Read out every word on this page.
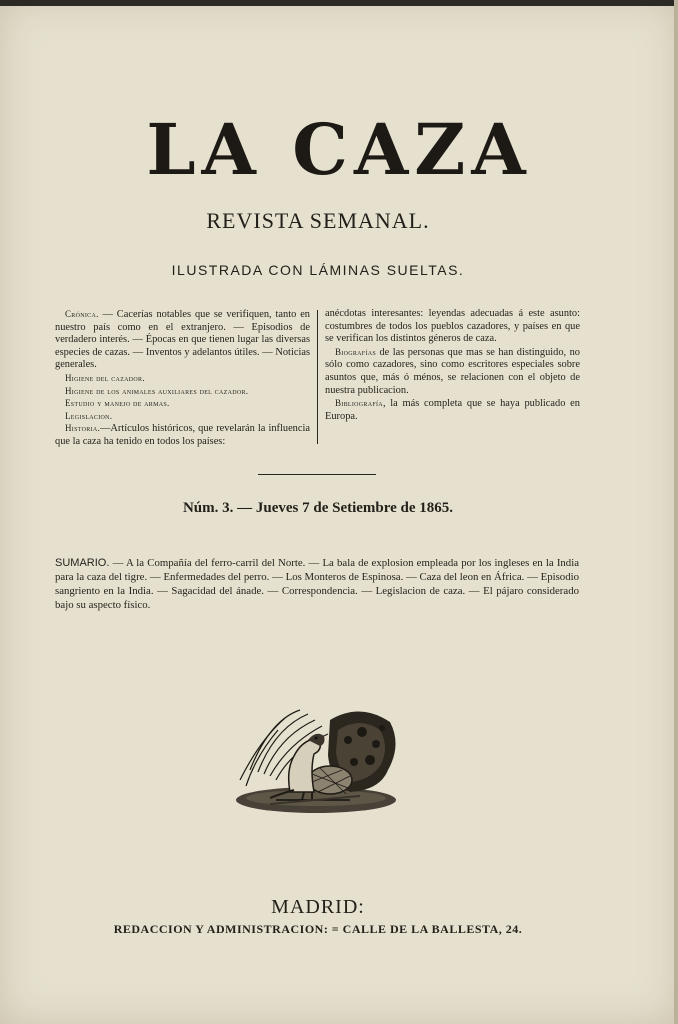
LA CAZA
REVISTA SEMANAL.
ILUSTRADA CON LÁMINAS SUELTAS.

Crónica. — Cacerías notables que se verifiquen, tanto en nuestro país como en el extranjero. — Episodios de verdadero interés. — Épocas en que tienen lugar las diversas especies de cazas. — Inventos y adelantos útiles. — Noticias generales.

Higiene del cazador.

Higiene de los animales auxiliares del cazador.

Estudio y manejo de armas.

Legislacion.

Historia.—Artículos históricos, que revelarán la influencia que la caza ha tenido en todos los países:

anécdotas interesantes: leyendas adecuadas á este asunto: costumbres de todos los pueblos cazadores, y países en que se verifican los distintos géneros de caza.

Biografías de las personas que mas se han distinguido, no sólo como cazadores, sino como escritores especiales sobre asuntos que, más ó ménos, se relacionen con el objeto de nuestra publicacion.

Bibliografía, la más completa que se haya publicado en Europa.

Núm. 3. — Jueves 7 de Setiembre de 1865.
SUMARIO. — A la Compañía del ferro-carril del Norte. — La bala de explosion empleada por los ingleses en la India para la caza del tigre. — Enfermedades del perro. — Los Monteros de Espinosa. — Caza del leon en África. — Episodio sangriento en la India. — Sagacidad del ánade. — Correspondencia. — Legislacion de caza. — El pájaro considerado bajo su aspecto físico.
MADRID:
REDACCION Y ADMINISTRACION: = CALLE DE LA BALLESTA, 24.
